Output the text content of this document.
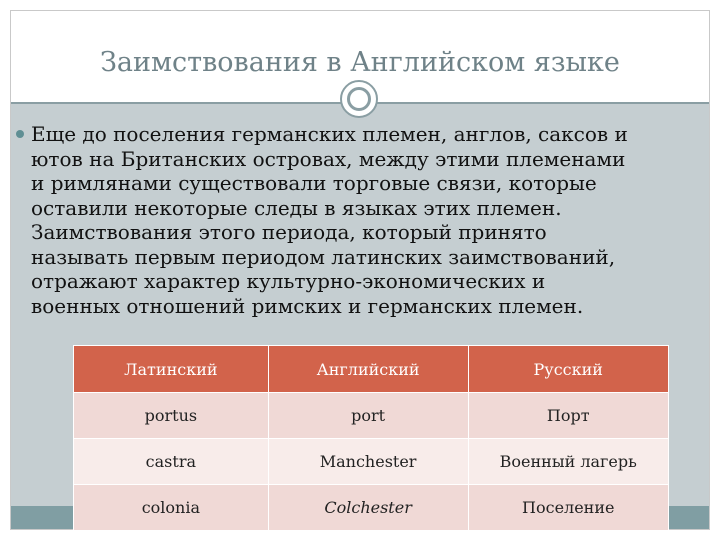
Заимствования в Английском языке
Еще до поселения германских племен, англов, саксов и
ютов на Британских островах, между этими племенами
и римлянами существовали торговые связи, которые
оставили некоторые следы в языках этих племен.
Заимствования этого периода, который принято
называть первым периодом латинских заимствований,
отражают характер культурно-экономических и
военных отношений римских и германских племен.
Латинский	Английский	Русский
portus	port	Порт
castra	Manchester	Военный лагерь
colonia	Colchester	Поселение
